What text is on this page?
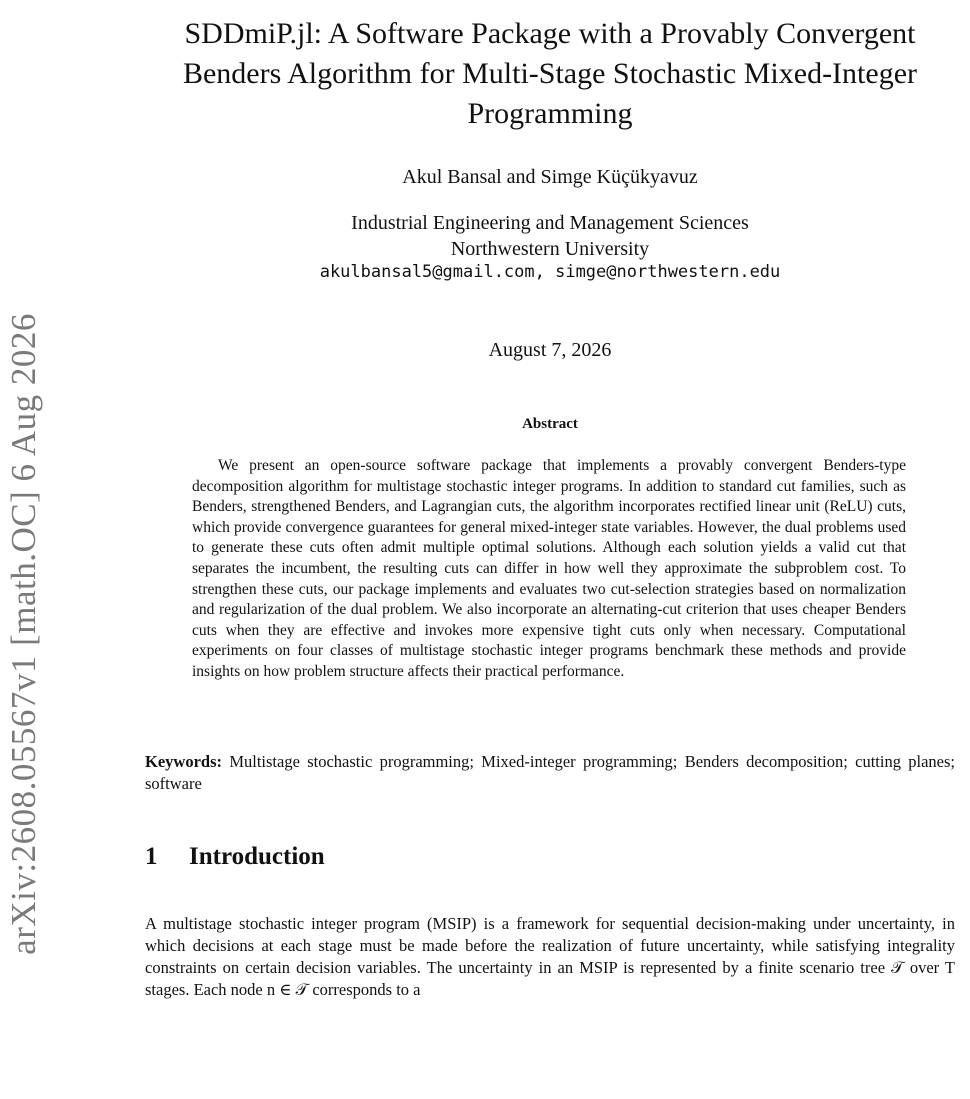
arXiv:2608.05567v1 [math.OC] 6 Aug 2026
SDDmiP.jl: A Software Package with a Provably Convergent Benders Algorithm for Multi-Stage Stochastic Mixed-Integer Programming
Akul Bansal and Simge Küçükyavuz
Industrial Engineering and Management Sciences
Northwestern University
akulbansal5@gmail.com, simge@northwestern.edu
August 7, 2026
Abstract

We present an open-source software package that implements a provably convergent Benders-type decomposition algorithm for multistage stochastic integer programs. In addition to standard cut families, such as Benders, strengthened Benders, and Lagrangian cuts, the algorithm incorporates rectified linear unit (ReLU) cuts, which provide convergence guarantees for general mixed-integer state variables. However, the dual problems used to generate these cuts often admit multiple optimal solutions. Although each solution yields a valid cut that separates the incumbent, the resulting cuts can differ in how well they approximate the subproblem cost. To strengthen these cuts, our package implements and evaluates two cut-selection strategies based on normalization and regularization of the dual problem. We also incorporate an alternating-cut criterion that uses cheaper Benders cuts when they are effective and invokes more expensive tight cuts only when necessary. Computational experiments on four classes of multistage stochastic integer programs benchmark these methods and provide insights on how problem structure affects their practical performance.

Keywords: Multistage stochastic programming; Mixed-integer programming; Benders decomposition; cutting planes; software

1 Introduction

A multistage stochastic integer program (MSIP) is a framework for sequential decision-making under uncertainty, in which decisions at each stage must be made before the realization of future uncertainty, while satisfying integrality constraints on certain decision variables. The uncertainty in an MSIP is represented by a finite scenario tree 𝒯 over T stages. Each node n ∈ 𝒯 corresponds to a
